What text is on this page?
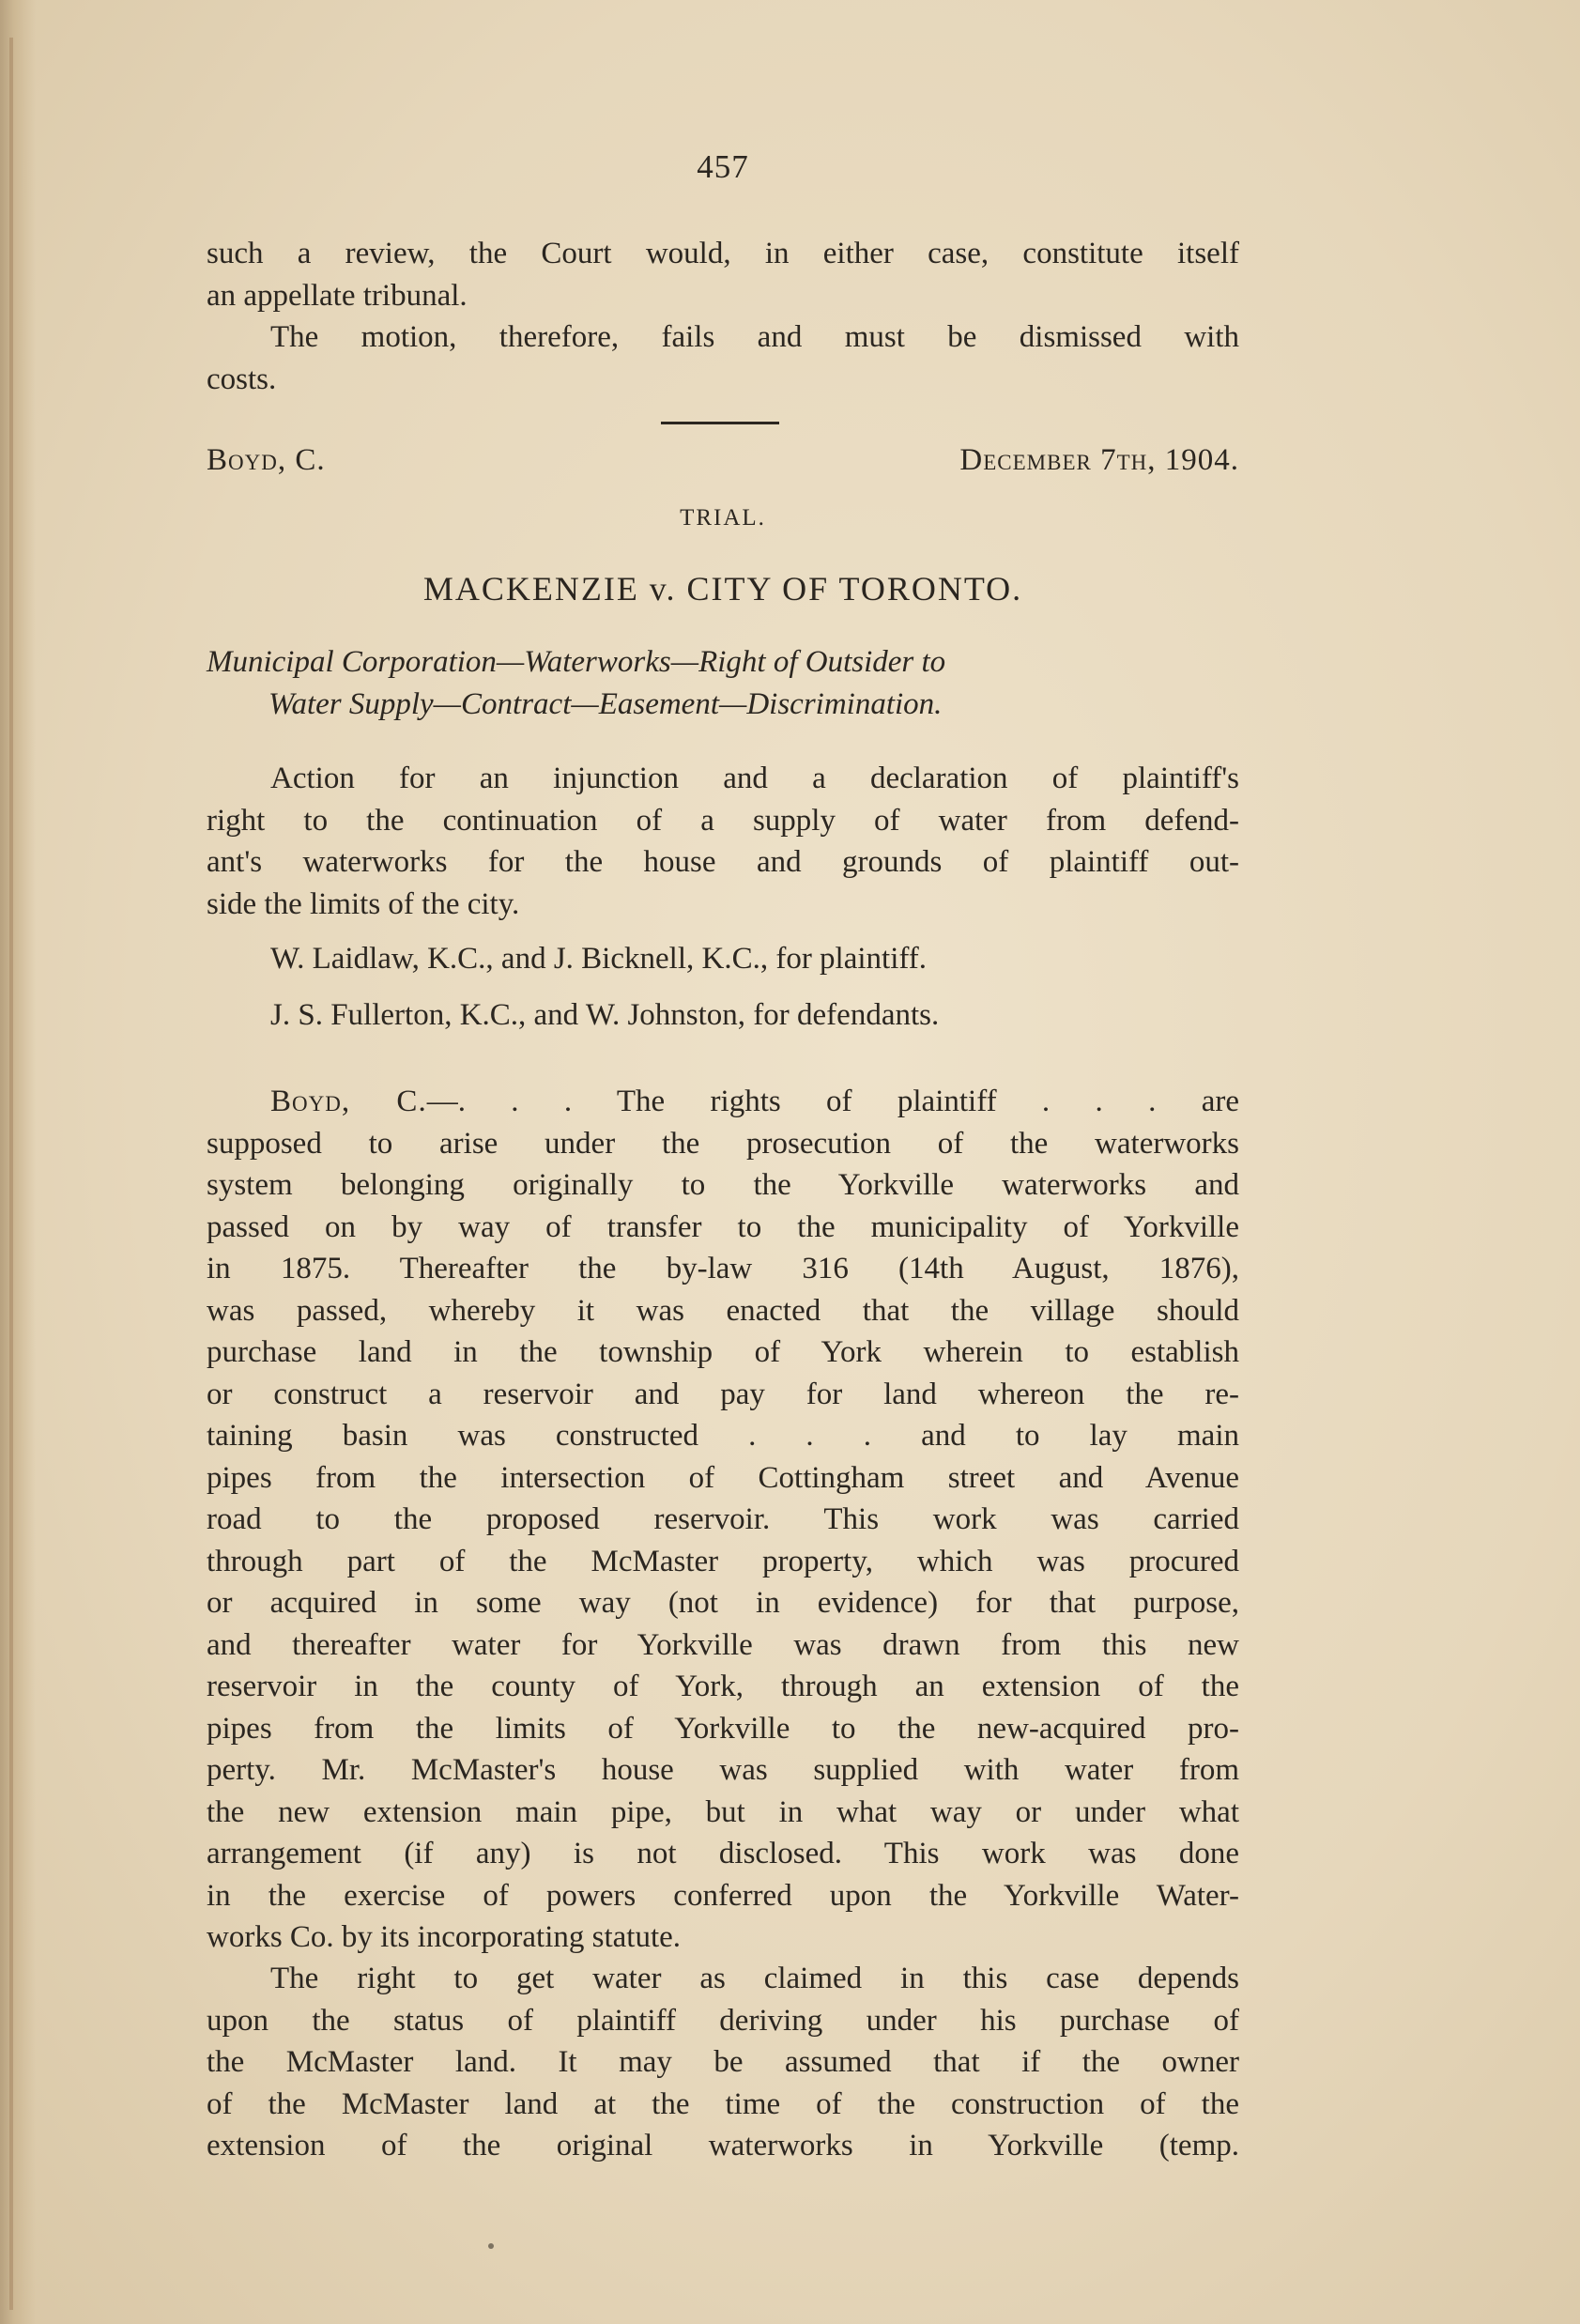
457
such a review, the Court would, in either case, constitute itself
an appellate tribunal.
The motion, therefore, fails and must be dismissed with
costs.
Boyd, C.	December 7th, 1904.
TRIAL.
MACKENZIE v. CITY OF TORONTO.
Municipal Corporation—Waterworks—Right of Outsider to
Water Supply—Contract—Easement—Discrimination.
Action for an injunction and a declaration of plaintiff's
right to the continuation of a supply of water from defend-
ant's waterworks for the house and grounds of plaintiff out-
side the limits of the city.
W. Laidlaw, K.C., and J. Bicknell, K.C., for plaintiff.
J. S. Fullerton, K.C., and W. Johnston, for defendants.
Boyd, C.—. . . The rights of plaintiff . . . are
supposed to arise under the prosecution of the waterworks
system belonging originally to the Yorkville waterworks and
passed on by way of transfer to the municipality of Yorkville
in 1875. Thereafter the by-law 316 (14th August, 1876),
was passed, whereby it was enacted that the village should
purchase land in the township of York wherein to establish
or construct a reservoir and pay for land whereon the re-
taining basin was constructed . . . and to lay main
pipes from the intersection of Cottingham street and Avenue
road to the proposed reservoir. This work was carried
through part of the McMaster property, which was procured
or acquired in some way (not in evidence) for that purpose,
and thereafter water for Yorkville was drawn from this new
reservoir in the county of York, through an extension of the
pipes from the limits of Yorkville to the new-acquired pro-
perty. Mr. McMaster's house was supplied with water from
the new extension main pipe, but in what way or under what
arrangement (if any) is not disclosed. This work was done
in the exercise of powers conferred upon the Yorkville Water-
works Co. by its incorporating statute.
The right to get water as claimed in this case depends
upon the status of plaintiff deriving under his purchase of
the McMaster land. It may be assumed that if the owner
of the McMaster land at the time of the construction of the
extension of the original waterworks in Yorkville (temp.
